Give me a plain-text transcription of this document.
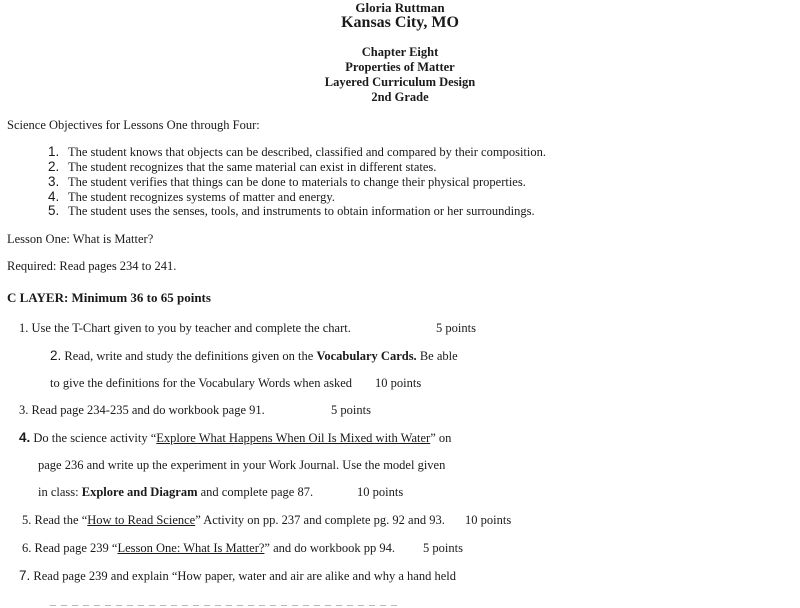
Gloria Ruttman
Kansas City, MO
Chapter Eight
Properties of Matter
Layered Curriculum Design
2nd Grade
Science Objectives for Lessons One through Four:
1. The student knows that objects can be described, classified and compared by their composition.
2. The student recognizes that the same material can exist in different states.
3. The student verifies that things can be done to materials to change their physical properties.
4. The student recognizes systems of matter and energy.
5. The student uses the senses, tools, and instruments to obtain information or her surroundings.
Lesson One: What is Matter?
Required: Read pages 234 to 241.
C LAYER: Minimum 36 to 65 points
1. Use the T-Chart given to you by teacher and complete the chart.	5 points
2. Read, write and study the definitions given on the Vocabulary Cards. Be able
to give the definitions for the Vocabulary Words when asked 10 points
3. Read page 234-235 and do workbook page 91.	5 points
4. Do the science activity “Explore What Happens When Oil Is Mixed with Water” on
page 236 and write up the experiment in your Work Journal. Use the model given
in class: Explore and Diagram and complete page 87.	10 points
5. Read the “How to Read Science” Activity on pp. 237 and complete pg. 92 and 93. 10 points
6. Read page 239 “Lesson One: What Is Matter?” and do workbook pp 94. 5 points
7. Read page 239 and explain “How paper, water and air are alike and why a hand held
_ _ _ _ _ _ _ _ _ _ _ _ _ _ _ _ _ _ _ _ _ _ _ _ _ _ _ _ _ _ _ _
